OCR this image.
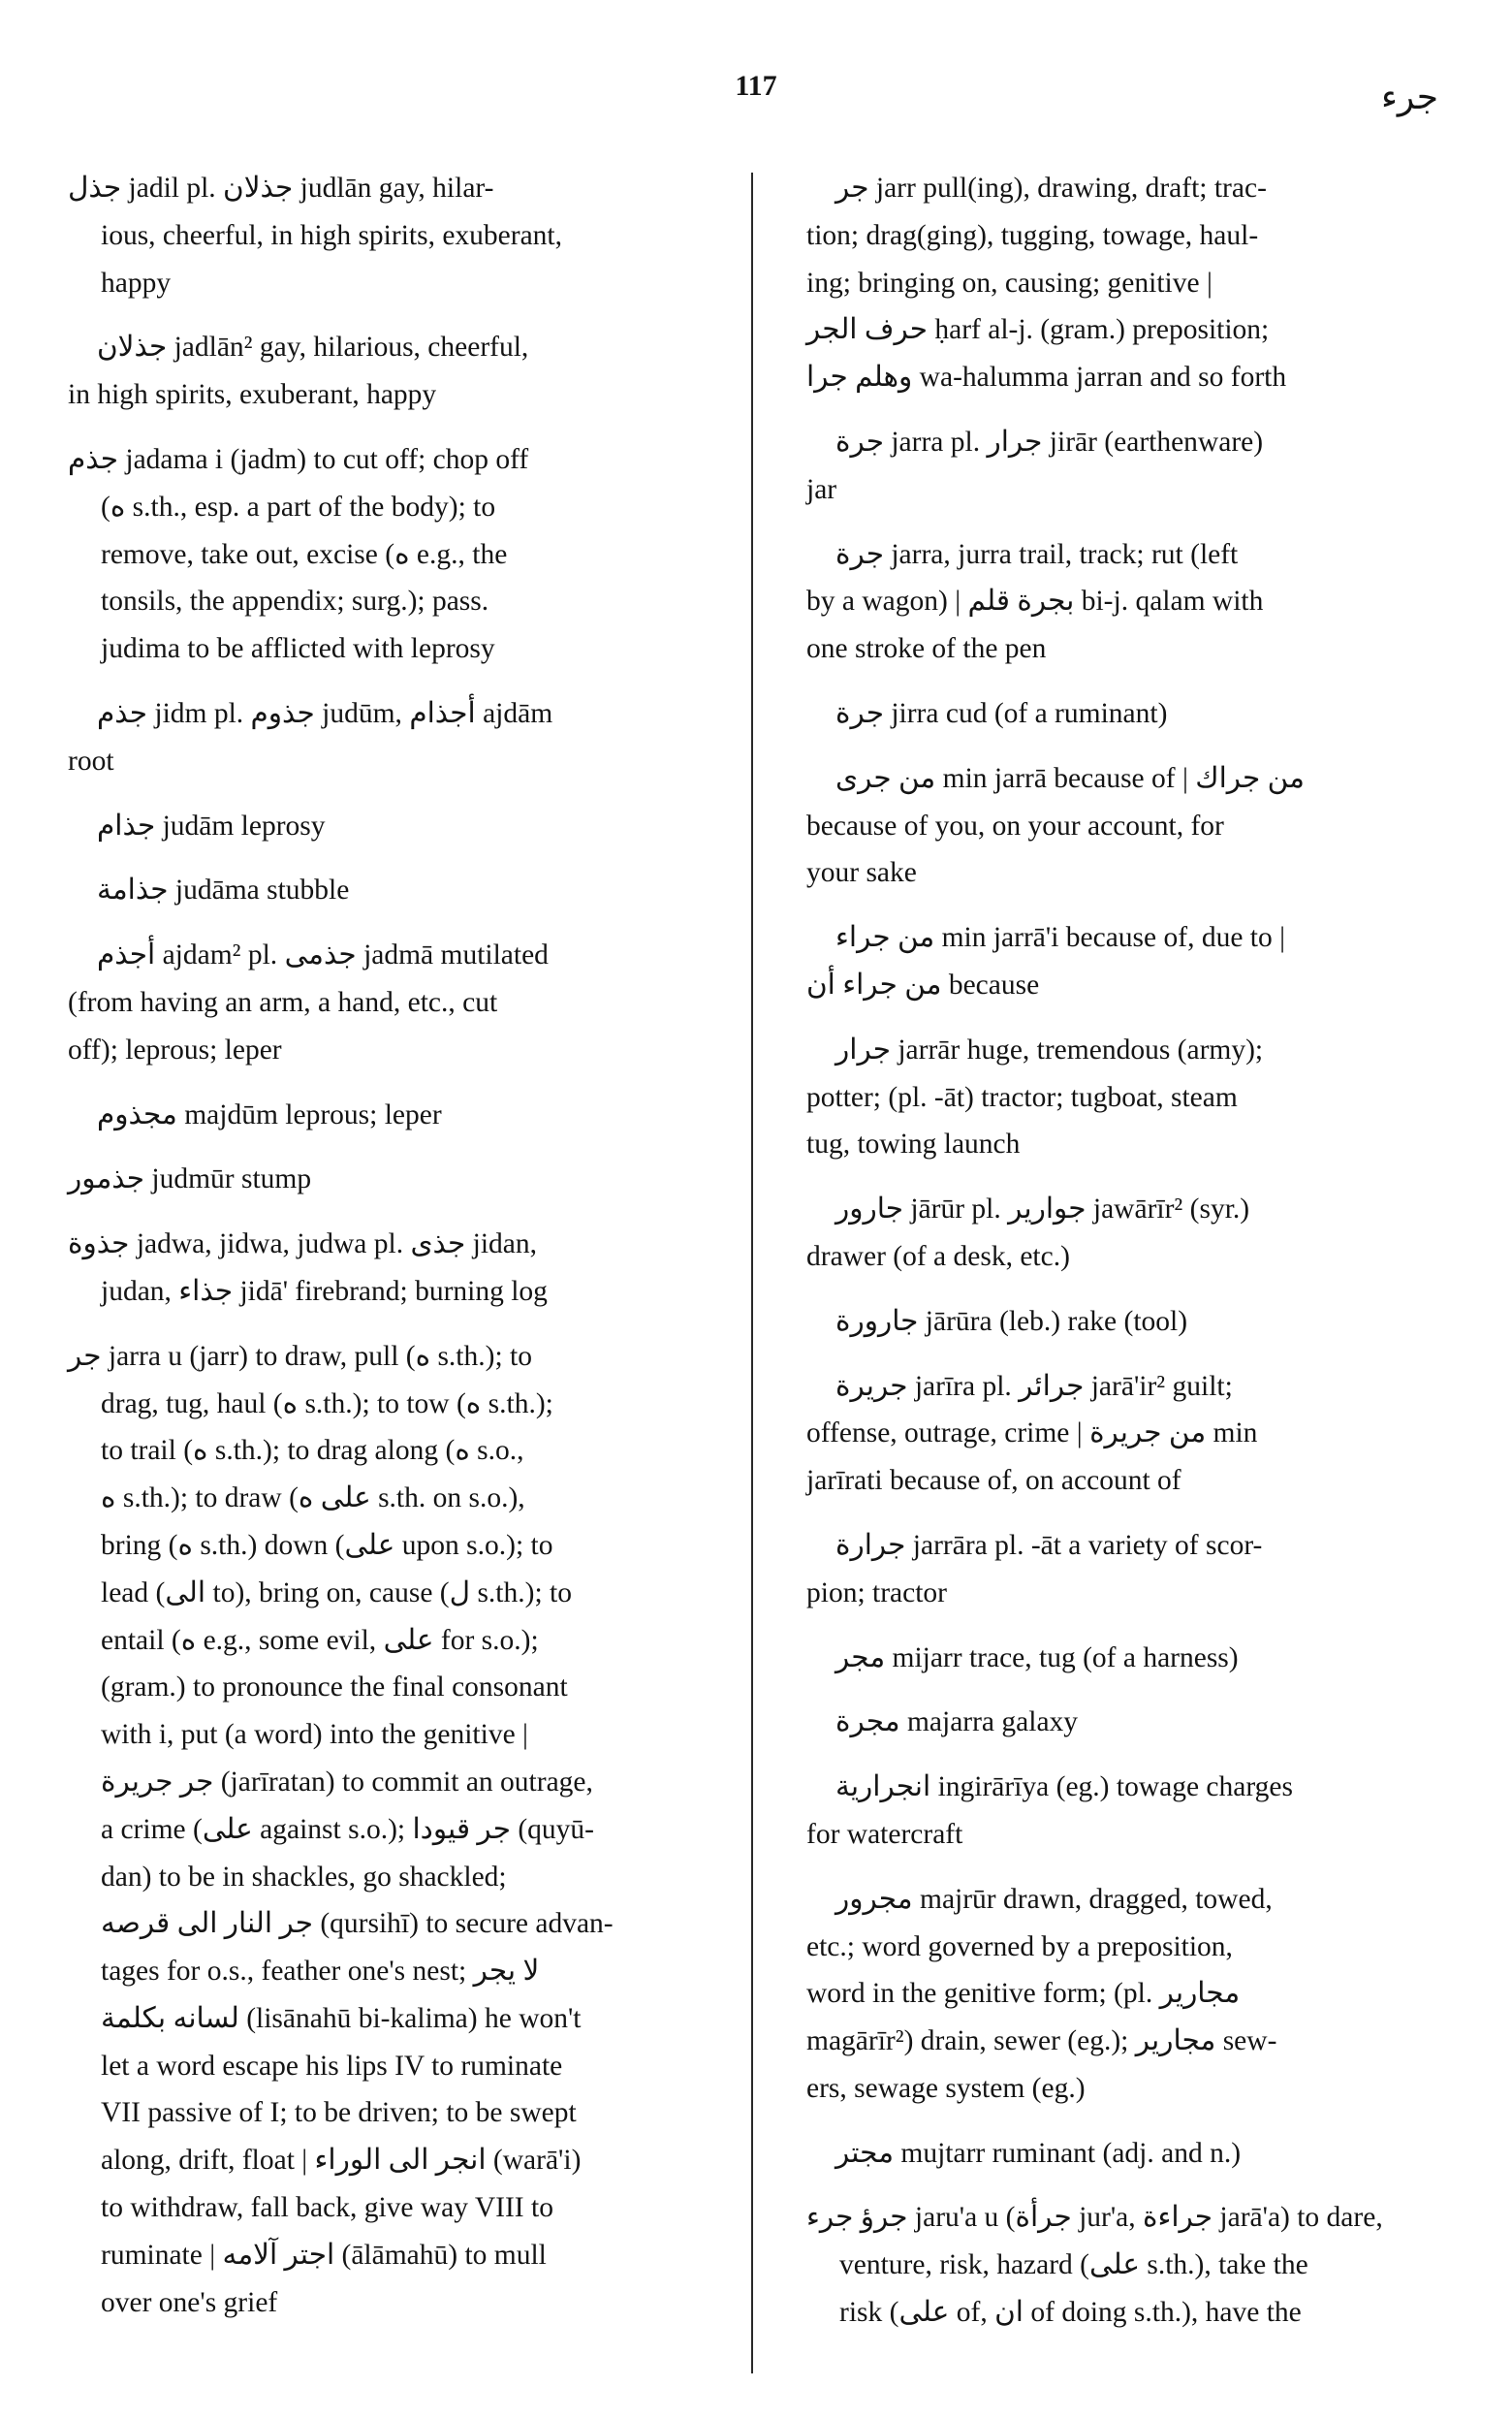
117	جرء
جذل jadil pl. جذلان judlān gay, hilar-
ious, cheerful, in high spirits, exuberant,
happy
جذلان jadlān² gay, hilarious, cheerful,
in high spirits, exuberant, happy
جذم jadama i (jadm) to cut off; chop off
(ه s.th., esp. a part of the body); to
remove, take out, excise (ه e.g., the
tonsils, the appendix; surg.); pass.
judima to be afflicted with leprosy
جذم jidm pl. جذوم judūm, أجذام ajdām
root
جذام judām leprosy
جذامة judāma stubble
أجذم ajdam² pl. جذمى jadmā mutilated
(from having an arm, a hand, etc., cut
off); leprous; leper
مجذوم majdūm leprous; leper
جذمور judmūr stump
جذوة jadwa, jidwa, judwa pl. جذى jidan,
judan, جذاء jidā' firebrand; burning log
جر jarra u (jarr) to draw, pull (ه s.th.); to
drag, tug, haul (ه s.th.); to tow (ه s.th.);
to trail (ه s.th.); to drag along (ه s.o.,
ه s.th.); to draw (على ه s.th. on s.o.),
bring (ه s.th.) down (على upon s.o.); to
lead (الى to), bring on, cause (ل s.th.); to
entail (ه e.g., some evil, على for s.o.);
(gram.) to pronounce the final consonant
with i, put (a word) into the genitive |
جر جريرة (jarīratan) to commit an outrage,
a crime (على against s.o.); جر قيودا (quyū-
dan) to be in shackles, go shackled;
جر النار الى قرصه (qursihī) to secure advan-
tages for o.s., feather one's nest; لا يجر
لسانه بكلمة (lisānahū bi-kalima) he won't
let a word escape his lips IV to ruminate
VII passive of I; to be driven; to be swept
along, drift, float | انجر الى الوراء (warā'i)
to withdraw, fall back, give way VIII to
ruminate | اجتر آلامه (ālāmahū) to mull
over one's grief
جر jarr pull(ing), drawing, draft; trac-
tion; drag(ging), tugging, towage, haul-
ing; bringing on, causing; genitive |
حرف الجر ḥarf al-j. (gram.) preposition;
وهلم جرا wa-halumma jarran and so forth
جرة jarra pl. جرار jirār (earthenware)
jar
جرة jarra, jurra trail, track; rut (left
by a wagon) | بجرة قلم bi-j. qalam with
one stroke of the pen
جرة jirra cud (of a ruminant)
من جرى min jarrā because of | من جراك
because of you, on your account, for
your sake
من جراء min jarrā'i because of, due to |
من جراء أن because
جرار jarrār huge, tremendous (army);
potter; (pl. -āt) tractor; tugboat, steam
tug, towing launch
جارور jārūr pl. جوارير jawārīr² (syr.)
drawer (of a desk, etc.)
جارورة jārūra (leb.) rake (tool)
جريرة jarīra pl. جرائر jarā'ir² guilt;
offense, outrage, crime | من جريرة min
jarīrati because of, on account of
جرارة jarrāra pl. -āt a variety of scor-
pion; tractor
مجر mijarr trace, tug (of a harness)
مجرة majarra galaxy
انجرارية ingirārīya (eg.) towage charges
for watercraft
مجرور majrūr drawn, dragged, towed,
etc.; word governed by a preposition,
word in the genitive form; (pl. مجارير
magārīr²) drain, sewer (eg.); مجارير sew-
ers, sewage system (eg.)
مجتر mujtarr ruminant (adj. and n.)
جرؤ جرء jaru'a u (جرأة jur'a, جراءة jarā'a) to dare,
venture, risk, hazard (على s.th.), take the
risk (على of, ان of doing s.th.), have the
